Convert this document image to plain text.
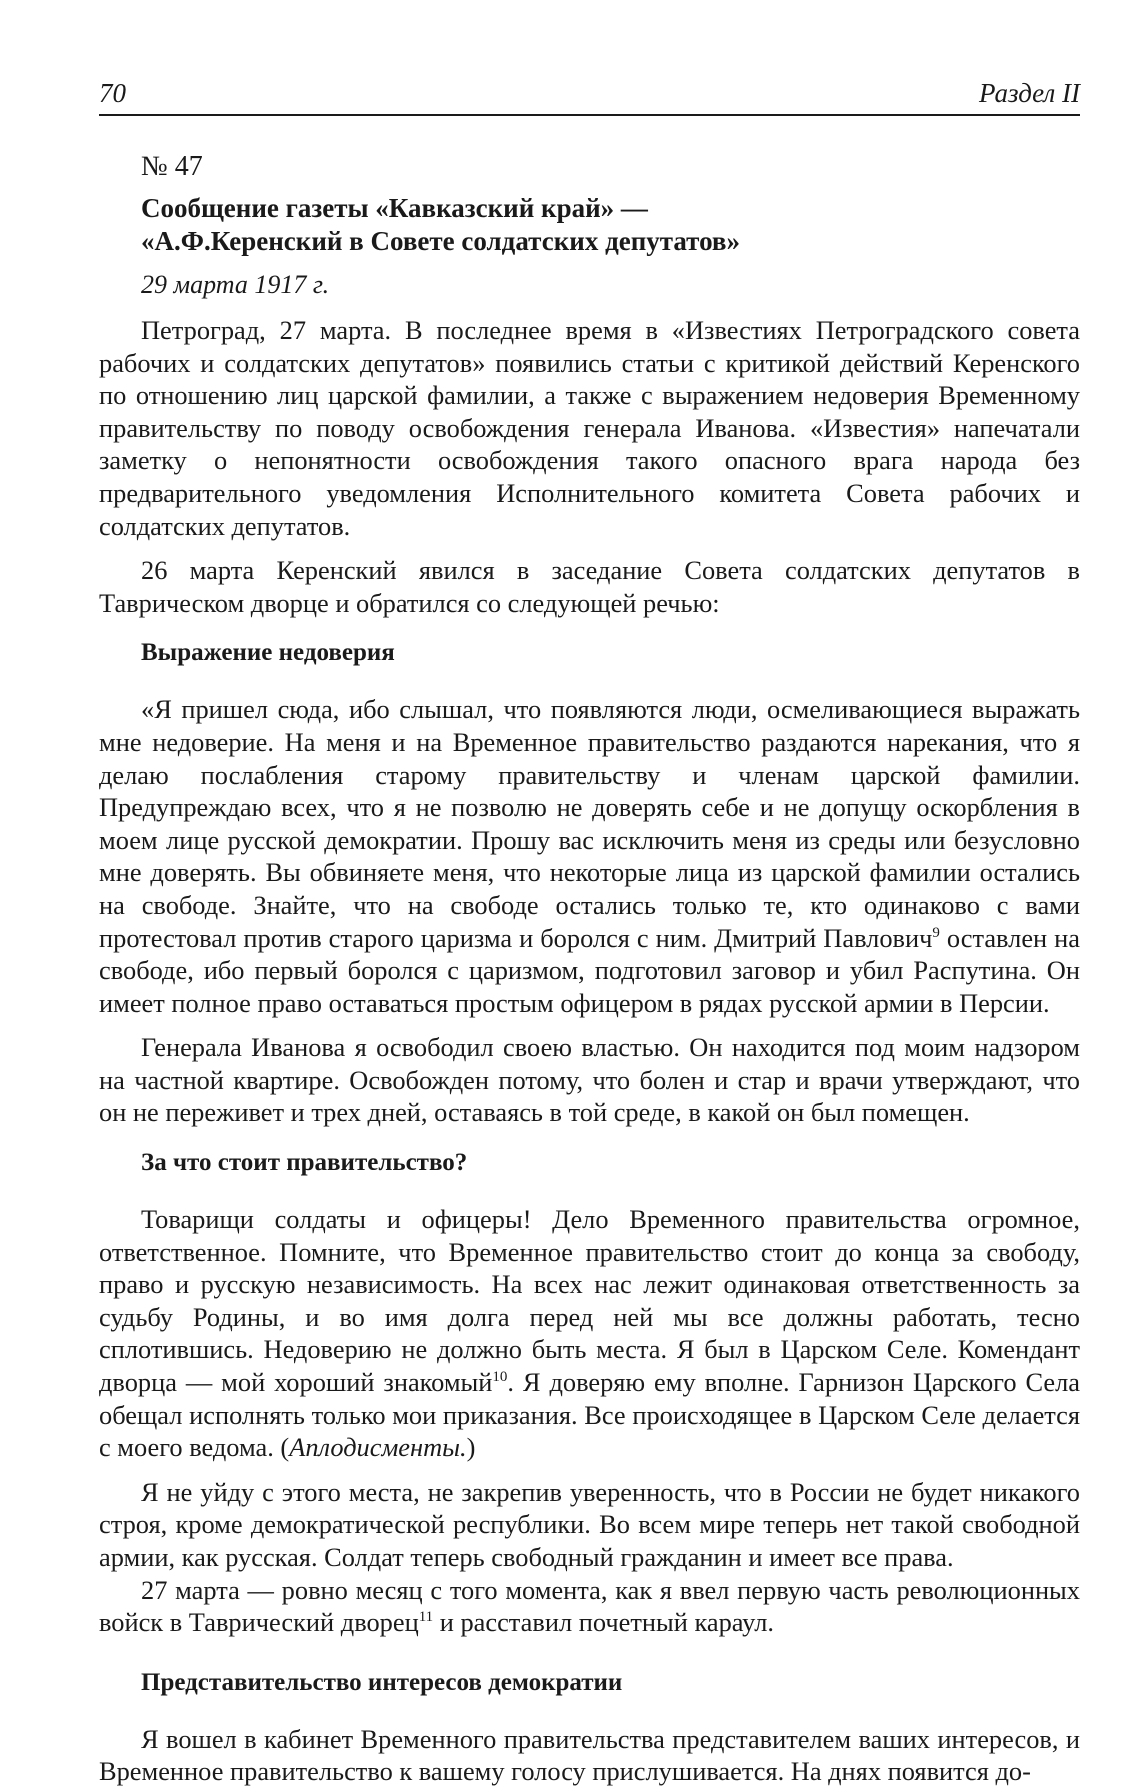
70	Раздел II
№ 47
Сообщение газеты «Кавказский край» —
«А.Ф.Керенский в Совете солдатских депутатов»
29 марта 1917 г.

Петроград, 27 марта. В последнее время в «Известиях Петроградского совета рабочих и солдатских депутатов» появились статьи с критикой действий Керенского по отношению лиц царской фамилии, а также с выражением недоверия Временному правительству по поводу освобождения генерала Иванова. «Известия» напечатали заметку о непонятности освобождения такого опасного врага народа без предварительного уведомления Исполнительного комитета Совета рабочих и солдатских депутатов.

26 марта Керенский явился в заседание Совета солдатских депутатов в Таврическом дворце и обратился со следующей речью:

Выражение недоверия

«Я пришел сюда, ибо слышал, что появляются люди, осмеливающиеся выражать мне недоверие. На меня и на Временное правительство раздаются нарекания, что я делаю послабления старому правительству и членам царской фамилии. Предупреждаю всех, что я не позволю не доверять себе и не допущу оскорбления в моем лице русской демократии. Прошу вас исключить меня из среды или безусловно мне доверять. Вы обвиняете меня, что некоторые лица из царской фамилии остались на свободе. Знайте, что на свободе остались только те, кто одинаково с вами протестовал против старого царизма и боролся с ним. Дмитрий Павлович$^9$ оставлен на свободе, ибо первый боролся с царизмом, подготовил заговор и убил Распутина. Он имеет полное право оставаться простым офицером в рядах русской армии в Персии.

Генерала Иванова я освободил своею властью. Он находится под моим надзором на частной квартире. Освобожден потому, что болен и стар и врачи утверждают, что он не переживет и трех дней, оставаясь в той среде, в какой он был помещен.

За что стоит правительство?

Товарищи солдаты и офицеры! Дело Временного правительства огромное, ответственное. Помните, что Временное правительство стоит до конца за свободу, право и русскую независимость. На всех нас лежит одинаковая ответственность за судьбу Родины, и во имя долга перед ней мы все должны работать, тесно сплотившись. Недоверию не должно быть места. Я был в Царском Селе. Комендант дворца — мой хороший знакомый$^{10}$. Я доверяю ему вполне. Гарнизон Царского Села обещал исполнять только мои приказания. Все происходящее в Царском Селе делается с моего ведома. (Аплодисменты.)

Я не уйду с этого места, не закрепив уверенность, что в России не будет никакого строя, кроме демократической республики. Во всем мире теперь нет такой свободной армии, как русская. Солдат теперь свободный гражданин и имеет все права.

27 марта — ровно месяц с того момента, как я ввел первую часть революционных войск в Таврический дворец$^{11}$ и расставил почетный караул.

Представительство интересов демократии

Я вошел в кабинет Временного правительства представителем ваших интересов, и Временное правительство к вашему голосу прислушивается. На днях появится до-
